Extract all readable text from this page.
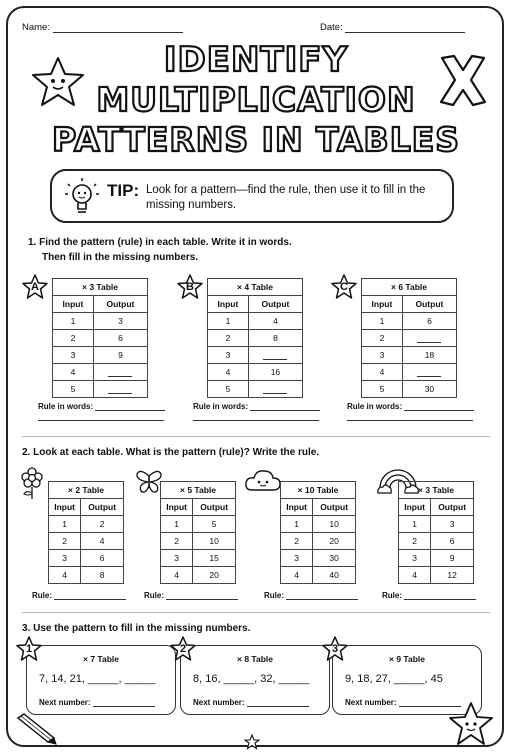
Name:	Date:
IDENTIFY
MULTIPLICATION
PATTERNS IN TABLES
TIP: Look for a pattern—find the rule, then use it to fill in the missing numbers.
1. Find the pattern (rule) in each table. Write it in words.
Then fill in the missing numbers.
A	× 3 Table	
Input	Output
1	3
2	6
3	9
4	
5	
Rule in words:
B	× 4 Table	
Input	Output
1	4
2	8
3	
4	16
5	
Rule in words:
C	× 6 Table	
Input	Output
1	6
2	
3	18
4	
5	30
Rule in words:
2. Look at each table. What is the pattern (rule)? Write the rule.
× 2 Table	
Input	Output
1	2
2	4
3	6
4	8
Rule:
× 5 Table	
Input	Output
1	5
2	10
3	15
4	20
Rule:
× 10 Table	
Input	Output
1	10
2	20
3	30
4	40
Rule:
× 3 Table	
Input	Output
1	3
2	6
3	9
4	12
Rule:
3. Use the pattern to fill in the missing numbers.
× 7 Table
7, 14, 21, _____, _____
Next number:
1
× 8 Table
8, 16, _____, 32, _____
Next number:
2
× 9 Table
9, 18, 27, _____, 45
Next number:
3
